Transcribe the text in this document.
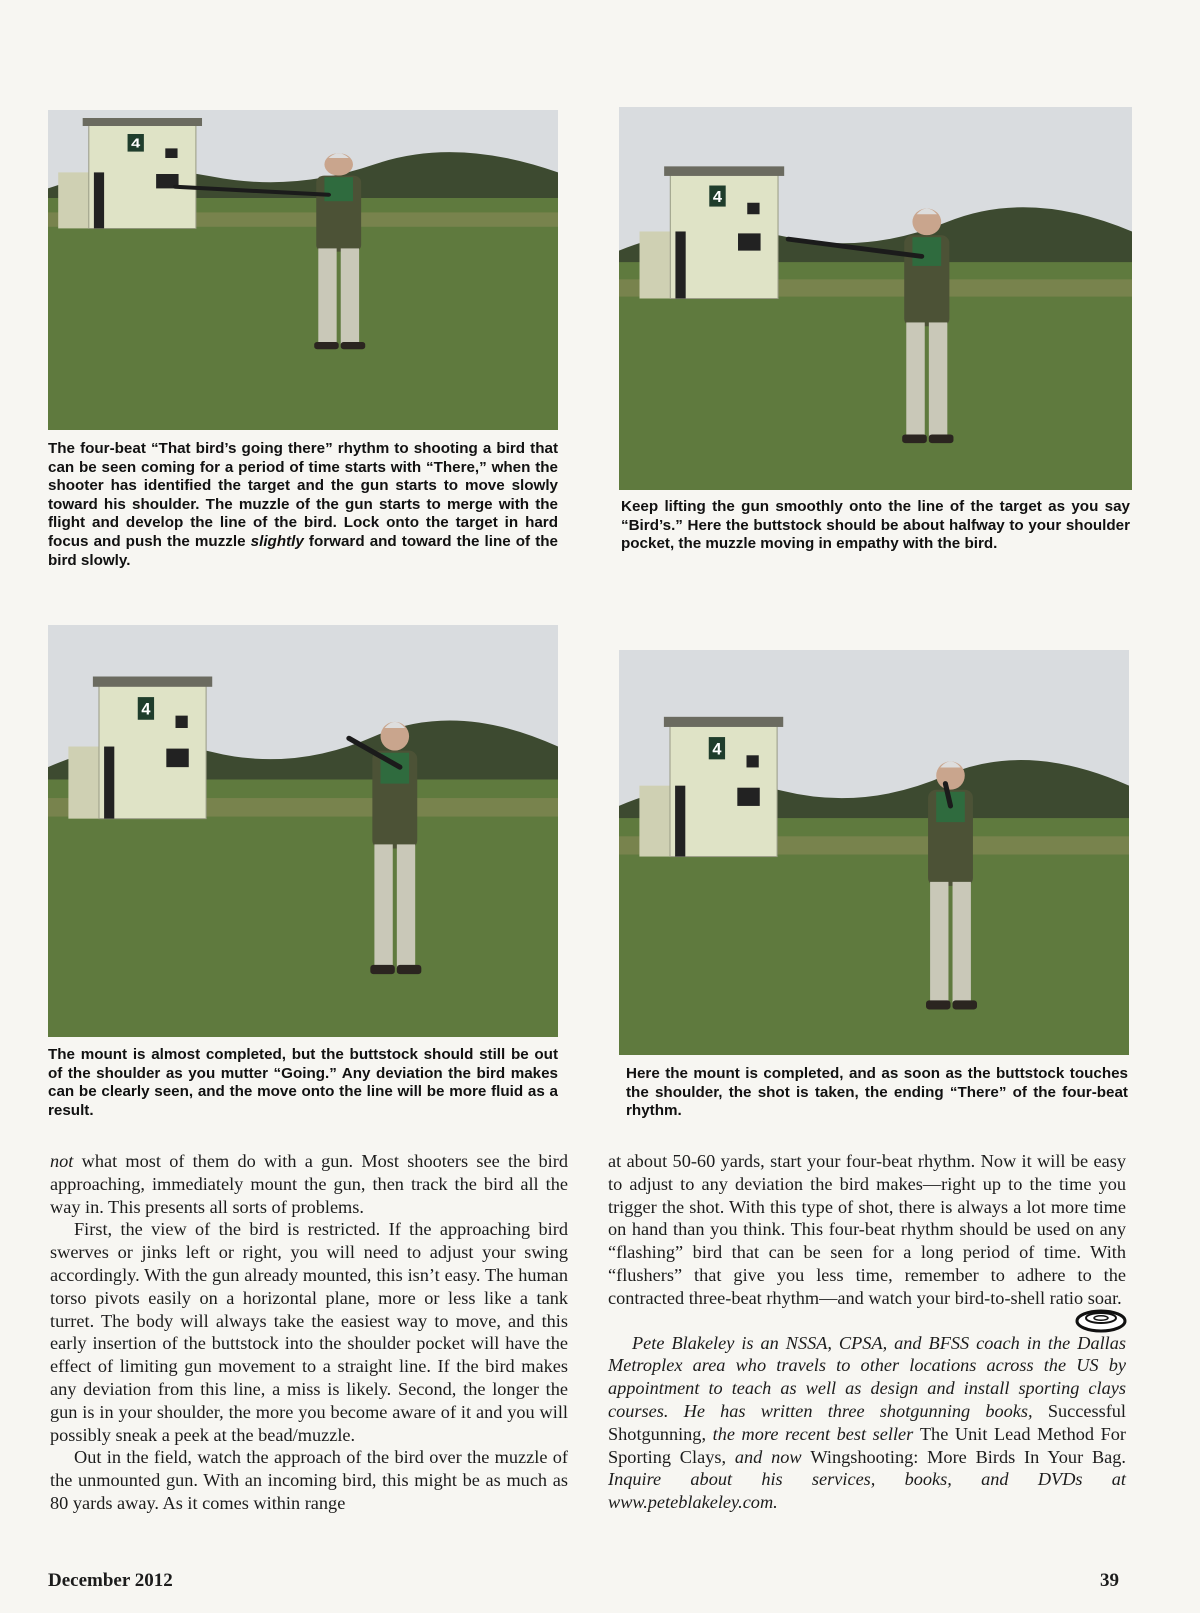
4
4
4
4

The four-beat “That bird’s going there” rhythm to shooting a bird that can be seen coming for a period of time starts with “There,” when the shooter has identified the target and the gun starts to move slowly toward his shoulder. The muzzle of the gun starts to merge with the flight and develop the line of the bird. Lock onto the target in hard focus and push the muzzle slightly forward and toward the line of the bird slowly.

Keep lifting the gun smoothly onto the line of the target as you say “Bird’s.” Here the buttstock should be about halfway to your shoulder pocket, the muzzle moving in empathy with the bird.

The mount is almost completed, but the buttstock should still be out of the shoulder as you mutter “Going.” Any deviation the bird makes can be clearly seen, and the move onto the line will be more fluid as a result.

Here the mount is completed, and as soon as the buttstock touches the shoulder, the shot is taken, the ending “There” of the four-beat rhythm.

not what most of them do with a gun. Most shooters see the bird approaching, immediately mount the gun, then track the bird all the way in. This presents all sorts of problems.

First, the view of the bird is restricted. If the approaching bird swerves or jinks left or right, you will need to adjust your swing accordingly. With the gun already mounted, this isn’t easy. The human torso pivots easily on a horizontal plane, more or less like a tank turret. The body will always take the easiest way to move, and this early insertion of the buttstock into the shoulder pocket will have the effect of limiting gun movement to a straight line. If the bird makes any deviation from this line, a miss is likely. Second, the longer the gun is in your shoulder, the more you become aware of it and you will possibly sneak a peek at the bead/muzzle.

Out in the field, watch the approach of the bird over the muzzle of the unmounted gun. With an incoming bird, this might be as much as 80 yards away. As it comes within range

at about 50-60 yards, start your four-beat rhythm. Now it will be easy to adjust to any deviation the bird makes—right up to the time you trigger the shot. With this type of shot, there is always a lot more time on hand than you think. This four-beat rhythm should be used on any “flashing” bird that can be seen for a long period of time. With “flushers” that give you less time, remember to adhere to the contracted three-beat rhythm—and watch your bird-to-shell ratio soar.

Pete Blakeley is an NSSA, CPSA, and BFSS coach in the Dallas Metroplex area who travels to other locations across the US by appointment to teach as well as design and install sporting clays courses. He has written three shotgunning books, Successful Shotgunning, the more recent best seller The Unit Lead Method For Sporting Clays, and now Wingshooting: More Birds In Your Bag. Inquire about his services, books, and DVDs at www.peteblakeley.com.

December 2012	39
